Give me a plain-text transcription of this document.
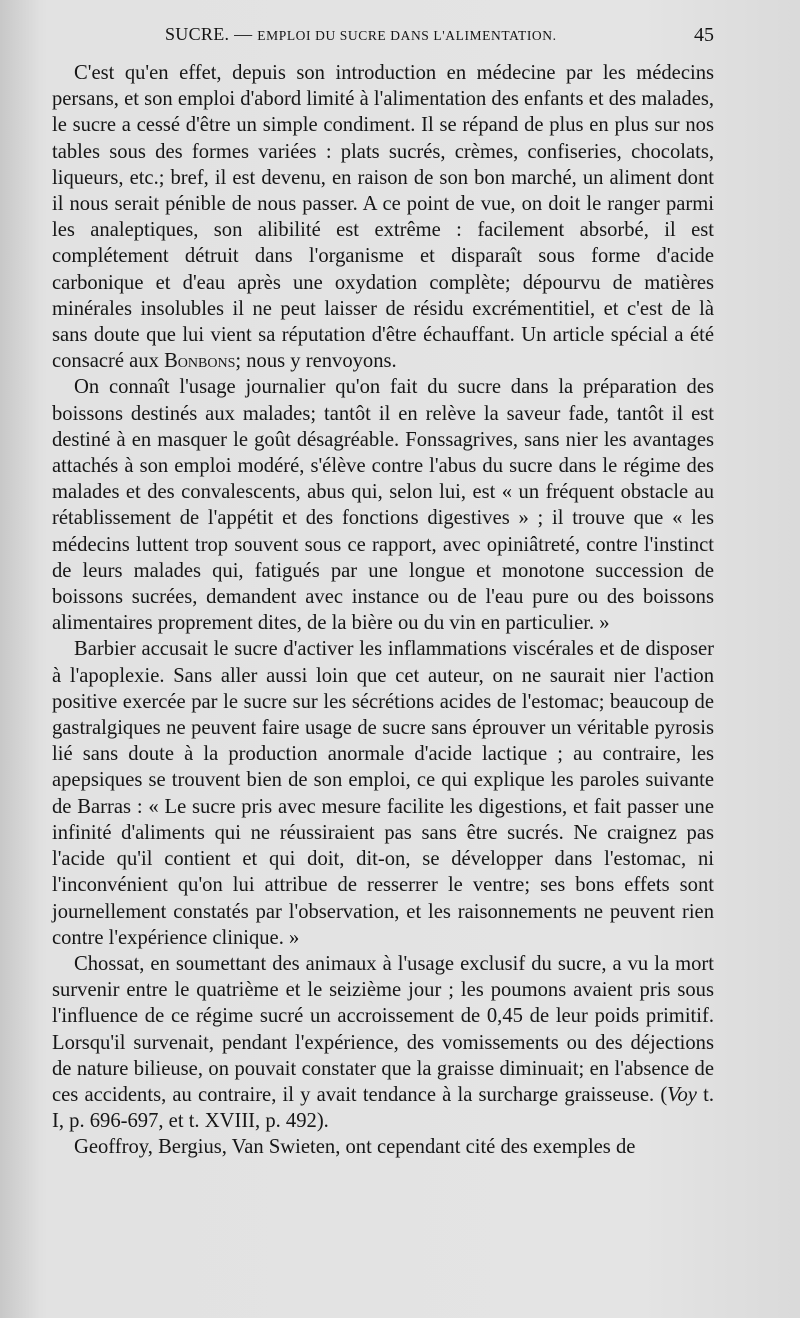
SUCRE. — EMPLOI DU SUCRE DANS L'ALIMENTATION.	45

C'est qu'en effet, depuis son introduction en médecine par les médecins persans, et son emploi d'abord limité à l'alimentation des enfants et des malades, le sucre a cessé d'être un simple condiment. Il se répand de plus en plus sur nos tables sous des formes variées : plats sucrés, crèmes, confiseries, chocolats, liqueurs, etc.; bref, il est devenu, en raison de son bon marché, un aliment dont il nous serait pénible de nous passer. A ce point de vue, on doit le ranger parmi les analeptiques, son alibilité est extrême : facilement absorbé, il est complétement détruit dans l'organisme et disparaît sous forme d'acide carbonique et d'eau après une oxydation complète; dépourvu de matières minérales insolubles il ne peut laisser de résidu excrémentitiel, et c'est de là sans doute que lui vient sa réputation d'être échauffant. Un article spécial a été consacré aux Bonbons; nous y renvoyons.

On connaît l'usage journalier qu'on fait du sucre dans la préparation des boissons destinés aux malades; tantôt il en relève la saveur fade, tantôt il est destiné à en masquer le goût désagréable. Fonssagrives, sans nier les avantages attachés à son emploi modéré, s'élève contre l'abus du sucre dans le régime des malades et des convalescents, abus qui, selon lui, est « un fréquent obstacle au rétablissement de l'appétit et des fonctions digestives » ; il trouve que « les médecins luttent trop souvent sous ce rapport, avec opiniâtreté, contre l'instinct de leurs malades qui, fatigués par une longue et monotone succession de boissons sucrées, demandent avec instance ou de l'eau pure ou des boissons alimentaires proprement dites, de la bière ou du vin en particulier. »

Barbier accusait le sucre d'activer les inflammations viscérales et de disposer à l'apoplexie. Sans aller aussi loin que cet auteur, on ne saurait nier l'action positive exercée par le sucre sur les sécrétions acides de l'estomac; beaucoup de gastralgiques ne peuvent faire usage de sucre sans éprouver un véritable pyrosis lié sans doute à la production anormale d'acide lactique ; au contraire, les apepsiques se trouvent bien de son emploi, ce qui explique les paroles suivante de Barras : « Le sucre pris avec mesure facilite les digestions, et fait passer une infinité d'aliments qui ne réussiraient pas sans être sucrés. Ne craignez pas l'acide qu'il contient et qui doit, dit-on, se développer dans l'estomac, ni l'inconvénient qu'on lui attribue de resserrer le ventre; ses bons effets sont journellement constatés par l'observation, et les raisonnements ne peuvent rien contre l'expérience clinique. »

Chossat, en soumettant des animaux à l'usage exclusif du sucre, a vu la mort survenir entre le quatrième et le seizième jour ; les poumons avaient pris sous l'influence de ce régime sucré un accroissement de 0,45 de leur poids primitif. Lorsqu'il survenait, pendant l'expérience, des vomissements ou des déjections de nature bilieuse, on pouvait constater que la graisse diminuait; en l'absence de ces accidents, au contraire, il y avait tendance à la surcharge graisseuse. (Voy t. I, p. 696-697, et t. XVIII, p. 492).

Geoffroy, Bergius, Van Swieten, ont cependant cité des exemples de
